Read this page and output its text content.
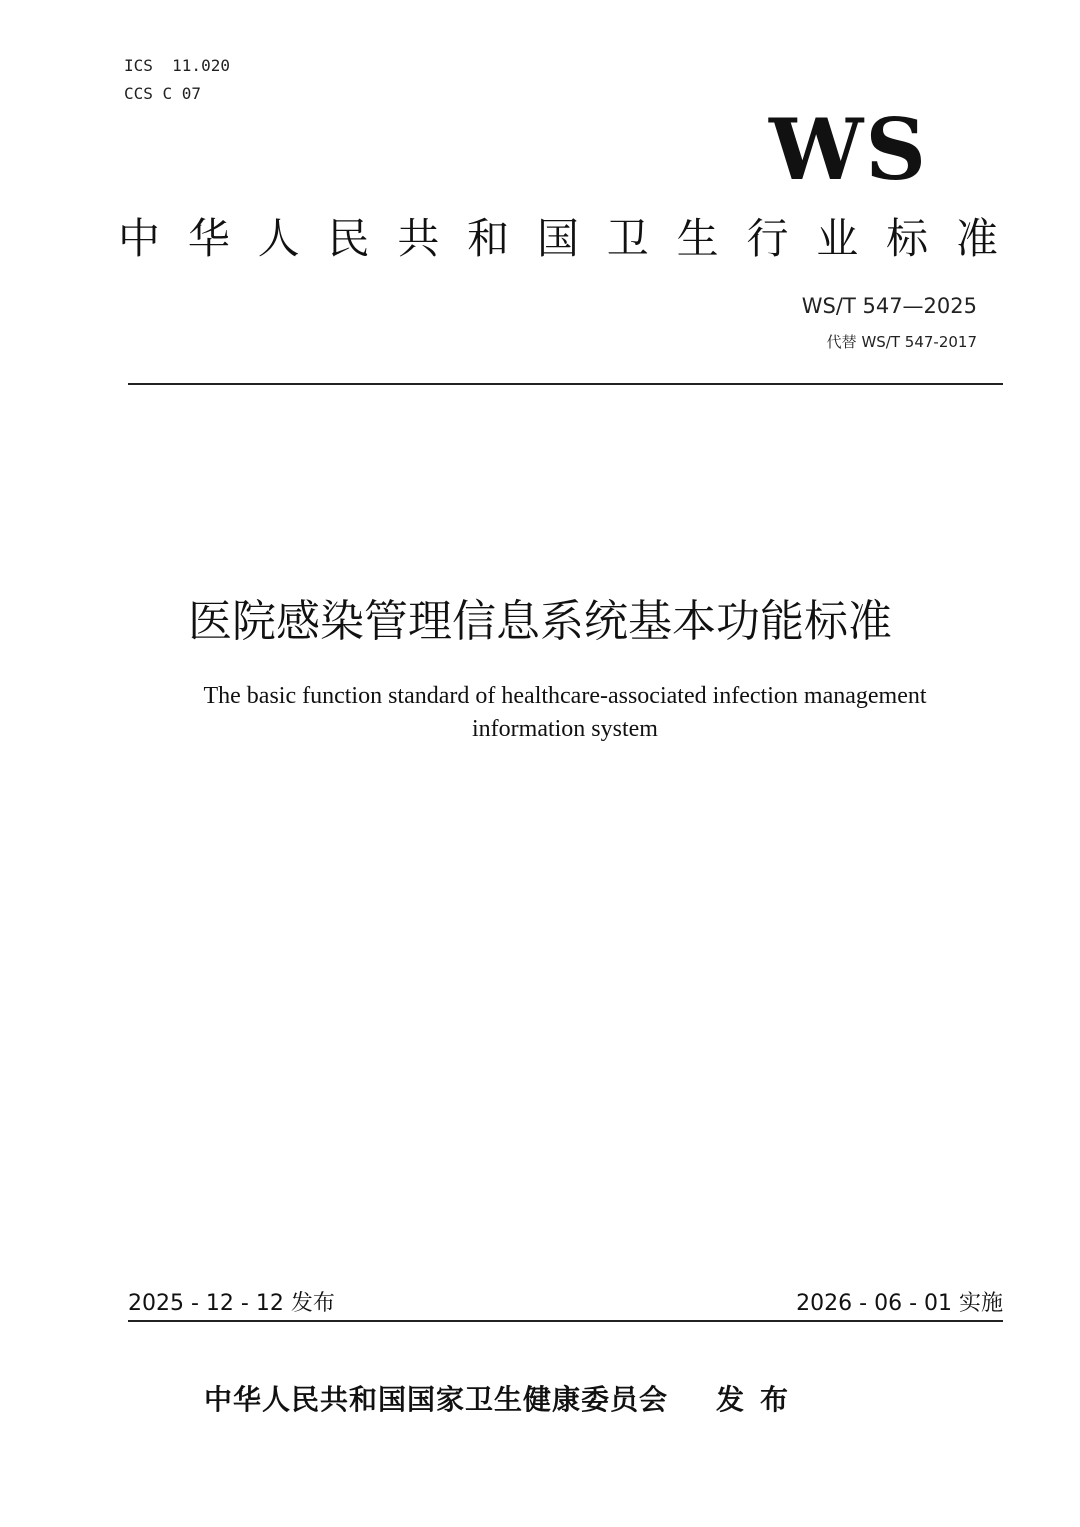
ICS  11.020
CCS C 07
WS
中 华 人 民 共 和 国 卫 生 行 业 标 准
WS/T 547—2025
代替 WS/T 547-2017
医院感染管理信息系统基本功能标准
The basic function standard of healthcare-associated infection management
information system
2025 - 12 - 12 发布	2026 - 06 - 01 实施
中华人民共和国国家卫生健康委员会 发布
